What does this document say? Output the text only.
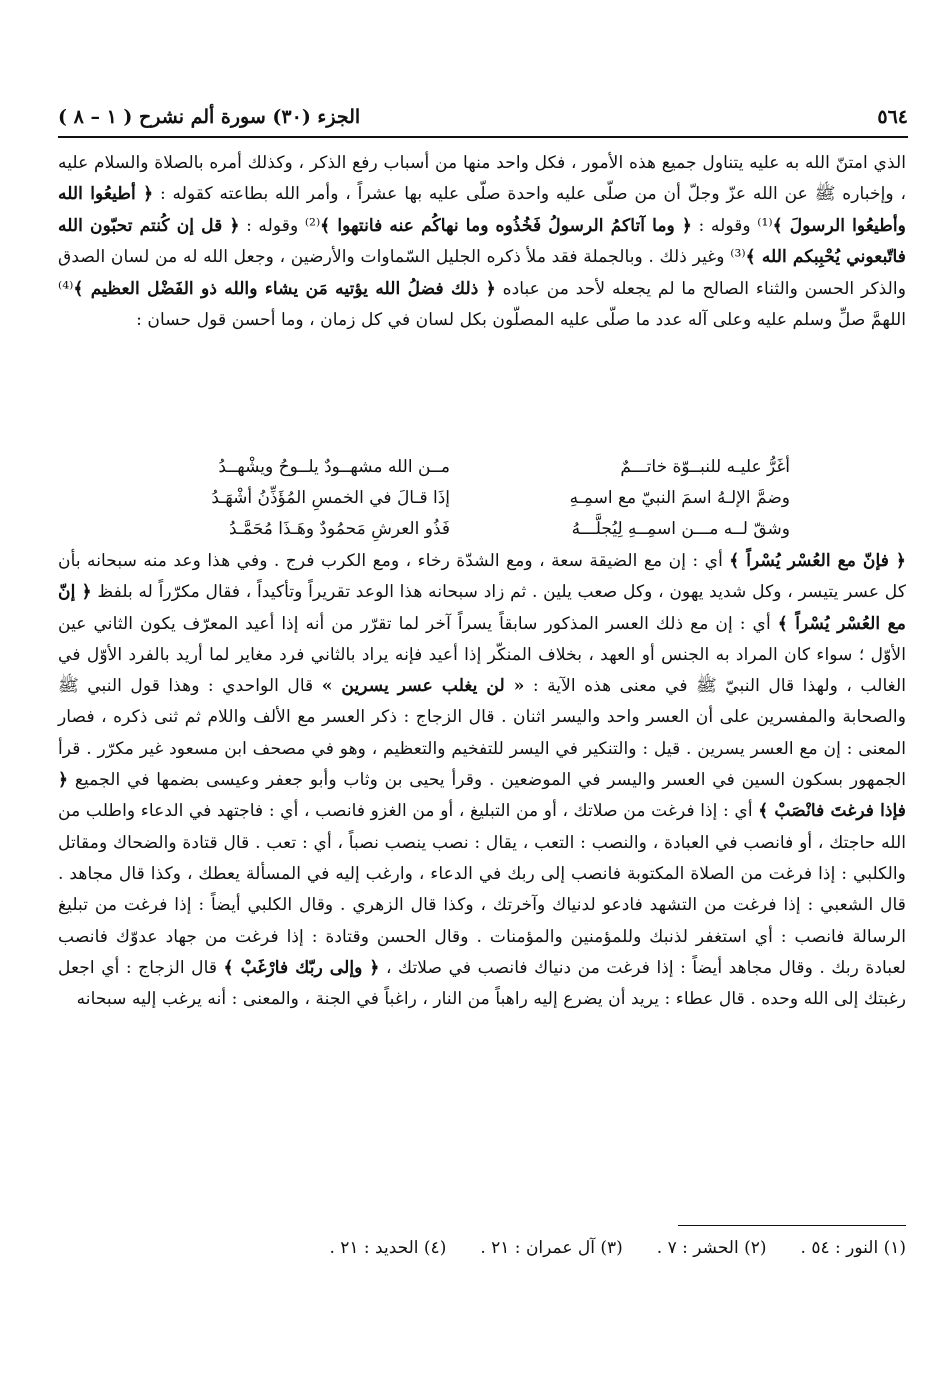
٥٦٤
الجزء (٣٠) سورة ألم نشرح ( ١ – ٨ )

الذي امتنّ الله به عليه يتناول جميع هذه الأمور ، فكل واحد منها من أسباب رفع الذكر ، وكذلك أمره بالصلاة والسلام عليه ، وإخباره ﷺ عن الله عزّ وجلّ أن من صلّى عليه واحدة صلّى عليه بها عشراً ، وأمر الله بطاعته كقوله : ﴿ أطيعُوا الله وأطيعُوا الرسولَ ﴾⁽¹⁾ وقوله : ﴿ وما آتاكمُ الرسولُ فَخُذُوه وما نهاكُم عنه فانتهوا ﴾⁽²⁾ وقوله : ﴿ قل إن كُنتم تحبّون الله فاتّبعوني يُحْبِبكم الله ﴾⁽³⁾ وغير ذلك . وبالجملة فقد ملأ ذكره الجليل السّماوات والأرضين ، وجعل الله له من لسان الصدق والذكر الحسن والثناء الصالح ما لم يجعله لأحد من عباده ﴿ ذلك فضلُ الله يؤتيه مَن يشاء والله ذو الفَضْل العظيم ﴾⁽⁴⁾ اللهمَّ صلِّ وسلم عليه وعلى آله عدد ما صلّى عليه المصلّون بكل لسان في كل زمان ، وما أحسن قول حسان :

أغَرُّ عليـه للنبــوّة خاتـــمٌ
مــن الله مشهــودٌ يلــوحُ ويشْهــدُ
وضمَّ الإلـهُ اسمَ النبيّ مع اسمِـهِ
إذَا قـالَ في الخمسِ المُؤَذِّنُ أشْهَـدُ
وشقّ لــه مـــن اسمِــهِ لِيُجلَّـــهُ
فَذُو العرشِ مَحمُودٌ وهَـذَا مُحَمَّـدُ

﴿ فإنّ مع العُسْر يُسْراً ﴾ أي : إن مع الضيقة سعة ، ومع الشدّة رخاء ، ومع الكرب فرج . وفي هذا وعد منه سبحانه بأن كل عسر يتيسر ، وكل شديد يهون ، وكل صعب يلين . ثم زاد سبحانه هذا الوعد تقريراً وتأكيداً ، فقال مكرّراً له بلفظ ﴿ إنّ مع العُسْر يُسْراً ﴾ أي : إن مع ذلك العسر المذكور سابقاً يسراً آخر لما تقرّر من أنه إذا أعيد المعرّف يكون الثاني عين الأوّل ؛ سواء كان المراد به الجنس أو العهد ، بخلاف المنكّر إذا أعيد فإنه يراد بالثاني فرد مغاير لما أريد بالفرد الأوّل في الغالب ، ولهذا قال النبيّ ﷺ في معنى هذه الآية : « لن يغلب عسر يسرين » قال الواحدي : وهذا قول النبي ﷺ والصحابة والمفسرين على أن العسر واحد واليسر اثنان . قال الزجاج : ذكر العسر مع الألف واللام ثم ثنى ذكره ، فصار المعنى : إن مع العسر يسرين . قيل : والتنكير في اليسر للتفخيم والتعظيم ، وهو في مصحف ابن مسعود غير مكرّر . قرأ الجمهور بسكون السين في العسر واليسر في الموضعين . وقرأ يحيى بن وثاب وأبو جعفر وعيسى بضمها في الجميع ﴿ فإذا فرغتَ فانْصَبْ ﴾ أي : إذا فرغت من صلاتك ، أو من التبليغ ، أو من الغزو فانصب ، أي : فاجتهد في الدعاء واطلب من الله حاجتك ، أو فانصب في العبادة ، والنصب : التعب ، يقال : نصب ينصب نصباً ، أي : تعب . قال قتادة والضحاك ومقاتل والكلبي : إذا فرغت من الصلاة المكتوبة فانصب إلى ربك في الدعاء ، وارغب إليه في المسألة يعطك ، وكذا قال مجاهد . قال الشعبي : إذا فرغت من التشهد فادعو لدنياك وآخرتك ، وكذا قال الزهري . وقال الكلبي أيضاً : إذا فرغت من تبليغ الرسالة فانصب : أي استغفر لذنبك وللمؤمنين والمؤمنات . وقال الحسن وقتادة : إذا فرغت من جهاد عدوّك فانصب لعبادة ربك . وقال مجاهد أيضاً : إذا فرغت من دنياك فانصب في صلاتك ، ﴿ وإلى ربّك فارْغَبْ ﴾ قال الزجاج : أي اجعل رغبتك إلى الله وحده . قال عطاء : يريد أن يضرع إليه راهباً من النار ، راغباً في الجنة ، والمعنى : أنه يرغب إليه سبحانه

(١) النور : ٥٤ .(٢) الحشر : ٧ .(٣) آل عمران : ٢١ .(٤) الحديد : ٢١ .
